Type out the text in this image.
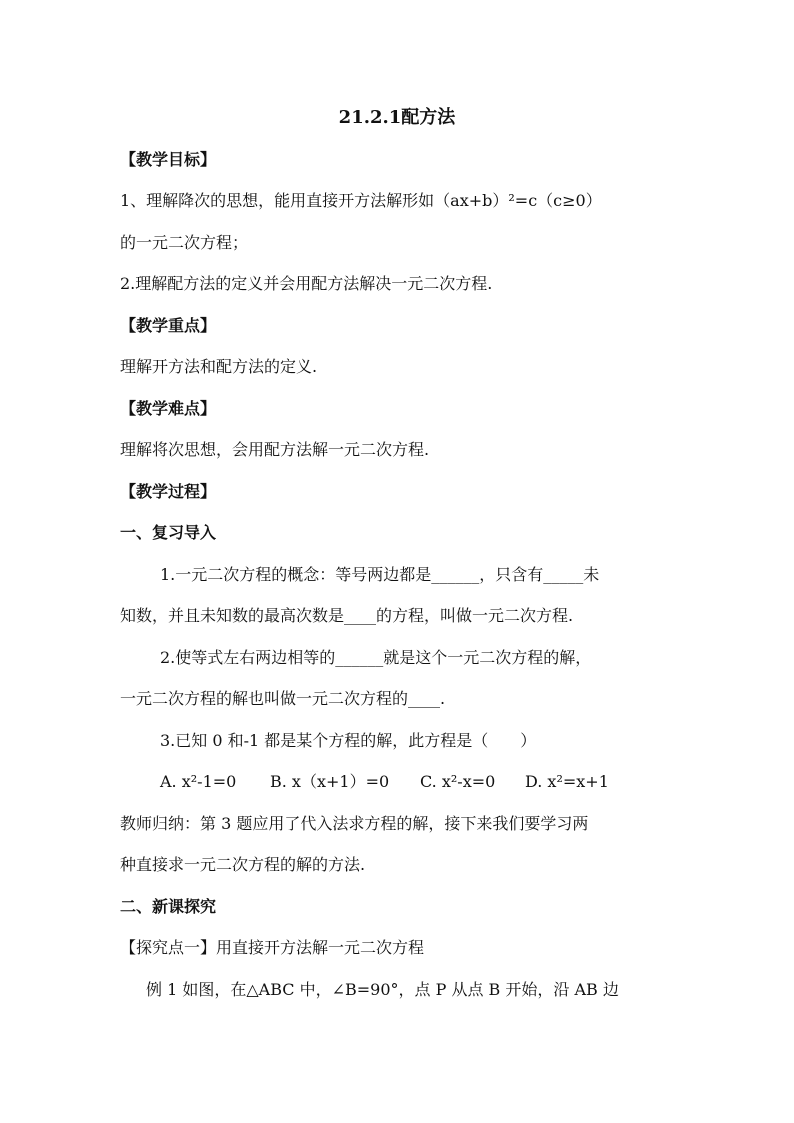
21.2.1配方法
【教学目标】
1、理解降次的思想，能用直接开方法解形如（ax+b）²=c（c≥0）
的一元二次方程；
2.理解配方法的定义并会用配方法解决一元二次方程.
【教学重点】
理解开方法和配方法的定义.
【教学难点】
理解将次思想，会用配方法解一元二次方程.
【教学过程】
一、复习导入
1.一元二次方程的概念：等号两边都是______，只含有_____未
知数，并且未知数的最高次数是____的方程，叫做一元二次方程.
2.使等式左右两边相等的______就是这个一元二次方程的解，
一元二次方程的解也叫做一元二次方程的____.
3.已知 0 和-1 都是某个方程的解，此方程是（　　）
A. x²-1=0 B. x（x+1）=0 C. x²-x=0 D. x²=x+1
教师归纳：第 3 题应用了代入法求方程的解，接下来我们要学习两
种直接求一元二次方程的解的方法.
二、新课探究
【探究点一】用直接开方法解一元二次方程
例 1 如图，在△ABC 中，∠B=90°，点 P 从点 B 开始，沿 AB 边
